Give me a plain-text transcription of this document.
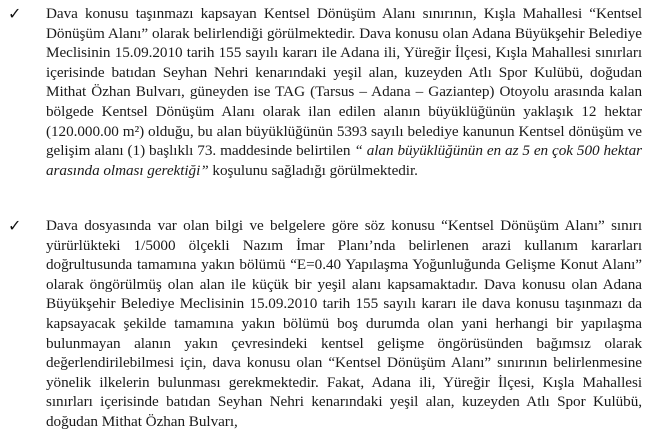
✓ Dava konusu taşınmazı kapsayan Kentsel Dönüşüm Alanı sınırının, Kışla Mahallesi “Kentsel Dönüşüm Alanı” olarak belirlendiği görülmektedir. Dava konusu olan Adana Büyükşehir Belediye Meclisinin 15.09.2010 tarih 155 sayılı kararı ile Adana ili, Yüreğir İlçesi, Kışla Mahallesi sınırları içerisinde batıdan Seyhan Nehri kenarındaki yeşil alan, kuzeyden Atlı Spor Kulübü, doğudan Mithat Özhan Bulvarı, güneyden ise TAG (Tarsus – Adana – Gaziantep) Otoyolu arasında kalan bölgede Kentsel Dönüşüm Alanı olarak ilan edilen alanın büyüklüğünün yaklaşık 12 hektar (120.000.00 m²) olduğu, bu alan büyüklüğünün 5393 sayılı belediye kanunun Kentsel dönüşüm ve gelişim alanı (1) başlıklı 73. maddesinde belirtilen “ alan büyüklüğünün en az 5 en çok 500 hektar arasında olması gerektiği” koşulunu sağladığı görülmektedir.

✓ Dava dosyasında var olan bilgi ve belgelere göre söz konusu “Kentsel Dönüşüm Alanı” sınırı yürürlükteki 1/5000 ölçekli Nazım İmar Planı’nda belirlenen arazi kullanım kararları doğrultusunda tamamına yakın bölümü “E=0.40 Yapılaşma Yoğunluğunda Gelişme Konut Alanı” olarak öngörülmüş olan alan ile küçük bir yeşil alanı kapsamaktadır. Dava konusu olan Adana Büyükşehir Belediye Meclisinin 15.09.2010 tarih 155 sayılı kararı ile dava konusu taşınmazı da kapsayacak şekilde tamamına yakın bölümü boş durumda olan yani herhangi bir yapılaşma bulunmayan alanın yakın çevresindeki kentsel gelişme öngörüsünden bağımsız olarak değerlendirilebilmesi için, dava konusu olan “Kentsel Dönüşüm Alanı” sınırının belirlenmesine yönelik ilkelerin bulunması gerekmektedir. Fakat, Adana ili, Yüreğir İlçesi, Kışla Mahallesi sınırları içerisinde batıdan Seyhan Nehri kenarındaki yeşil alan, kuzeyden Atlı Spor Kulübü, doğudan Mithat Özhan Bulvarı,
